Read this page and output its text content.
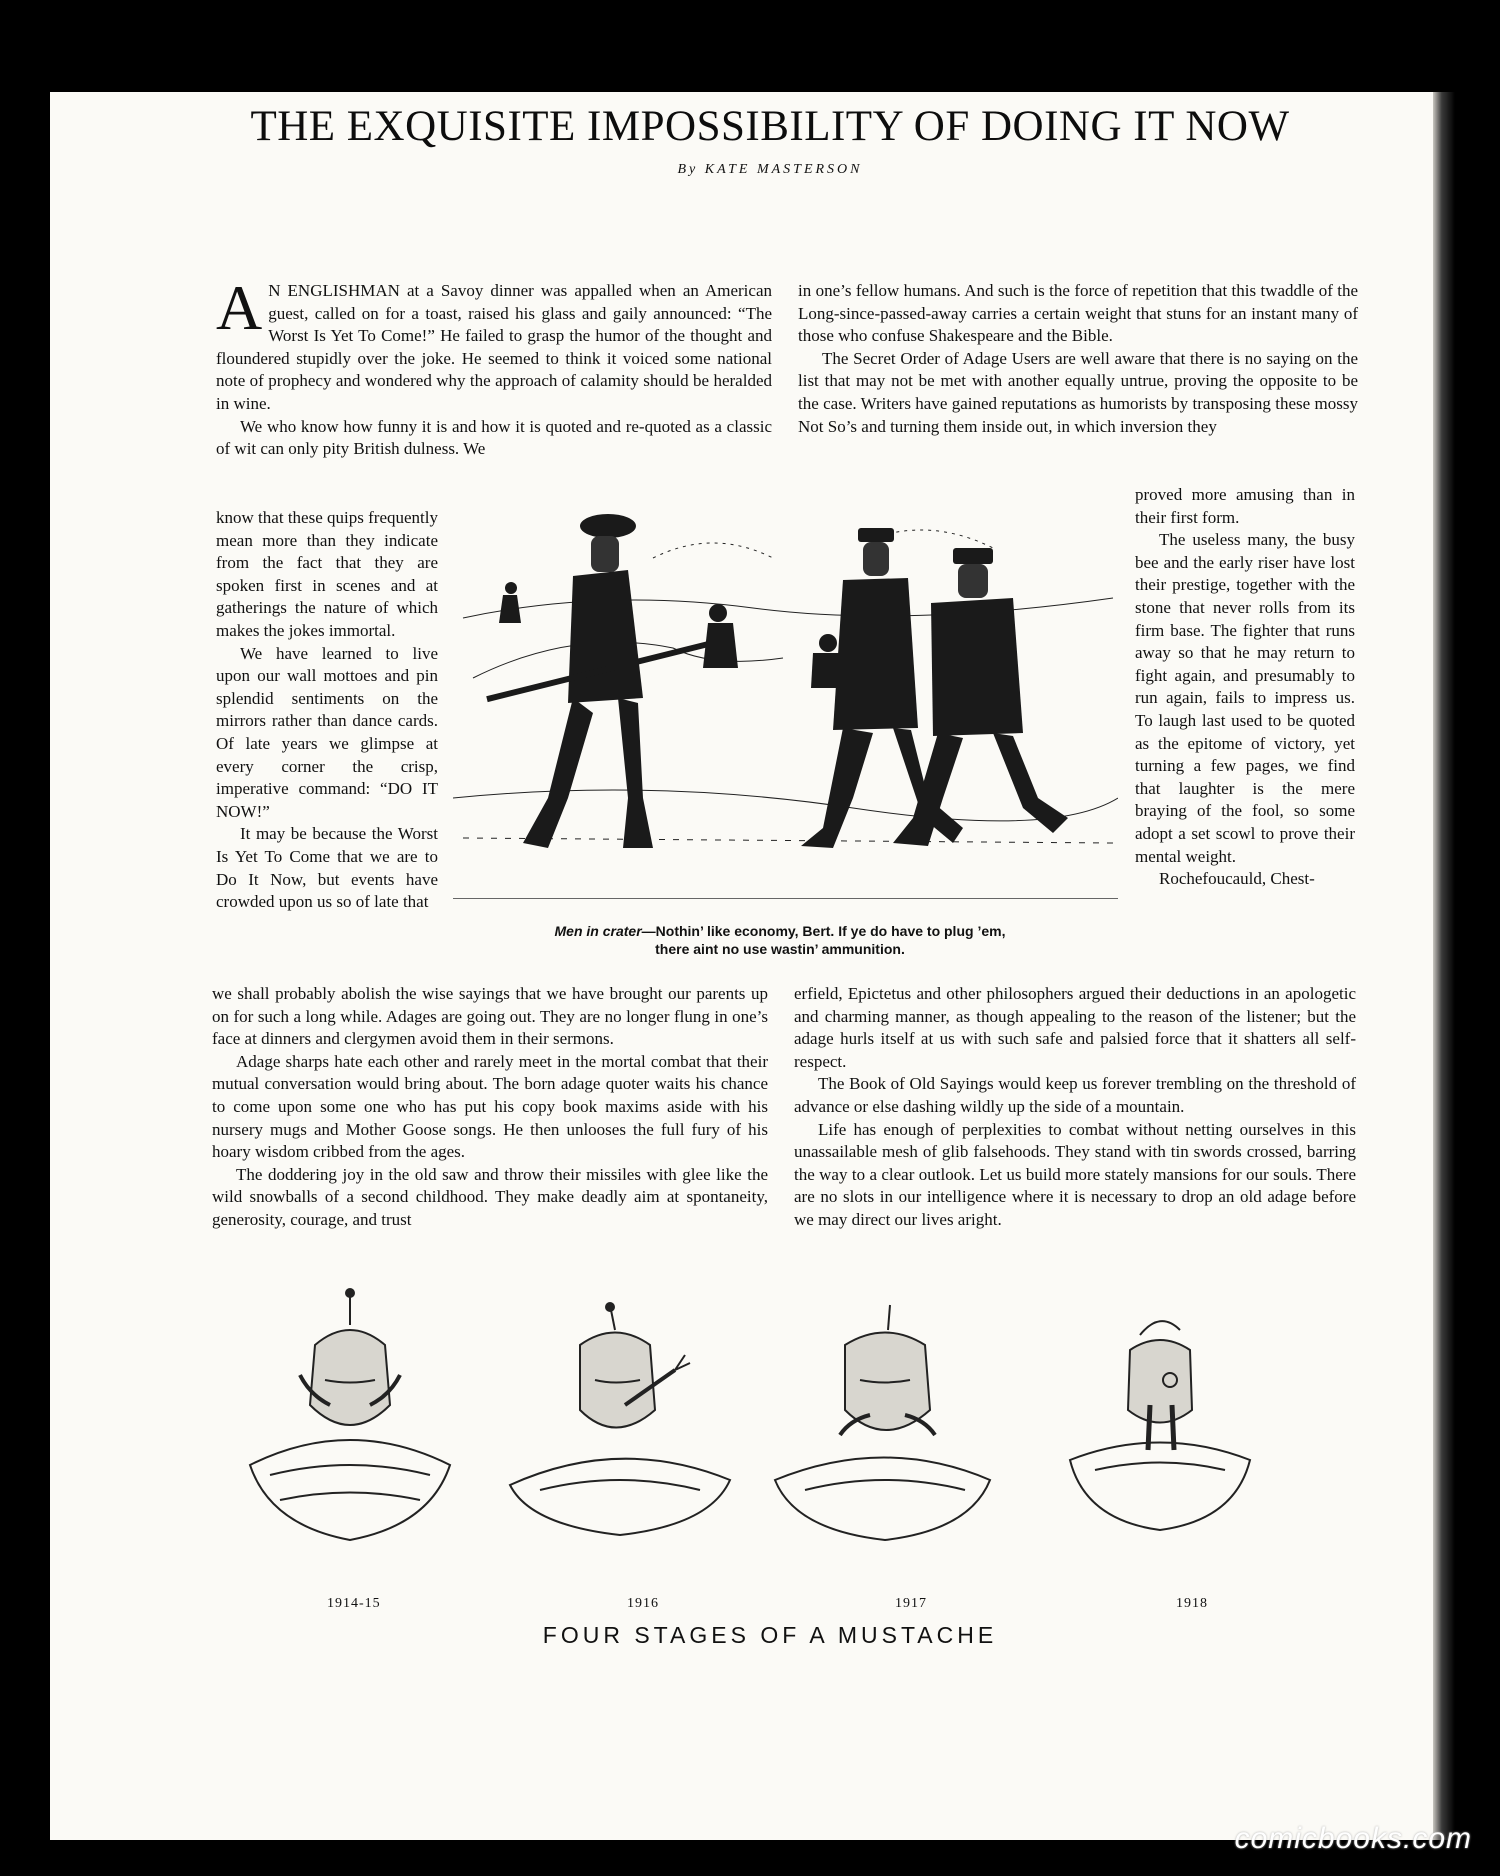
THE EXQUISITE IMPOSSIBILITY OF DOING IT NOW
By KATE MASTERSON

A N ENGLISHMAN at a Savoy dinner was appalled when an American guest, called on for a toast, raised his glass and gaily announced: “The Worst Is Yet To Come!” He failed to grasp the humor of the thought and floundered stupidly over the joke. He seemed to think it voiced some national note of prophecy and wondered why the approach of calamity should be heralded in wine.

We who know how funny it is and how it is quoted and re-quoted as a classic of wit can only pity British dulness. We

know that these quips frequently mean more than they indicate from the fact that they are spoken first in scenes and at gatherings the nature of which makes the jokes immortal.

We have learned to live upon our wall mottoes and pin splendid sentiments on the mirrors rather than dance cards. Of late years we glimpse at every corner the crisp, imperative command: “DO IT NOW!”

It may be because the Worst Is Yet To Come that we are to Do It Now, but events have crowded upon us so of late that

we shall probably abolish the wise sayings that we have brought our parents up on for such a long while. Adages are going out. They are no longer flung in one’s face at dinners and clergymen avoid them in their sermons.

Adage sharps hate each other and rarely meet in the mortal combat that their mutual conversation would bring about. The born adage quoter waits his chance to come upon some one who has put his copy book maxims aside with his nursery mugs and Mother Goose songs. He then unlooses the full fury of his hoary wisdom cribbed from the ages.

The doddering joy in the old saw and throw their missiles with glee like the wild snowballs of a second childhood. They make deadly aim at spontaneity, generosity, courage, and trust

in one’s fellow humans. And such is the force of repetition that this twaddle of the Long-since-passed-away carries a certain weight that stuns for an instant many of those who confuse Shakespeare and the Bible.

The Secret Order of Adage Users are well aware that there is no saying on the list that may not be met with another equally untrue, proving the opposite to be the case. Writers have gained reputations as humorists by transposing these mossy Not So’s and turning them inside out, in which inversion they

proved more amusing than in their first form.

The useless many, the busy bee and the early riser have lost their prestige, together with the stone that never rolls from its firm base. The fighter that runs away so that he may return to fight again, and presumably to run again, fails to impress us. To laugh last used to be quoted as the epitome of victory, yet turning a few pages, we find that laughter is the mere braying of the fool, so some adopt a set scowl to prove their mental weight.

Rochefoucauld, Chest-

erfield, Epictetus and other philosophers argued their deductions in an apologetic and charming manner, as though appealing to the reason of the listener; but the adage hurls itself at us with such safe and palsied force that it shatters all self-respect.

The Book of Old Sayings would keep us forever trembling on the threshold of advance or else dashing wildly up the side of a mountain.

Life has enough of perplexities to combat without netting ourselves in this unassailable mesh of glib falsehoods. They stand with tin swords crossed, barring the way to a clear outlook. Let us build more stately mansions for our souls. There are no slots in our intelligence where it is necessary to drop an old adage before we may direct our lives aright.

Men in crater—Nothin’ like economy, Bert. If ye do have to plug ’em,
there aint no use wastin’ ammunition.
1914-15	1916	1917	1918
FOUR STAGES OF A MUSTACHE
comicbooks.com
